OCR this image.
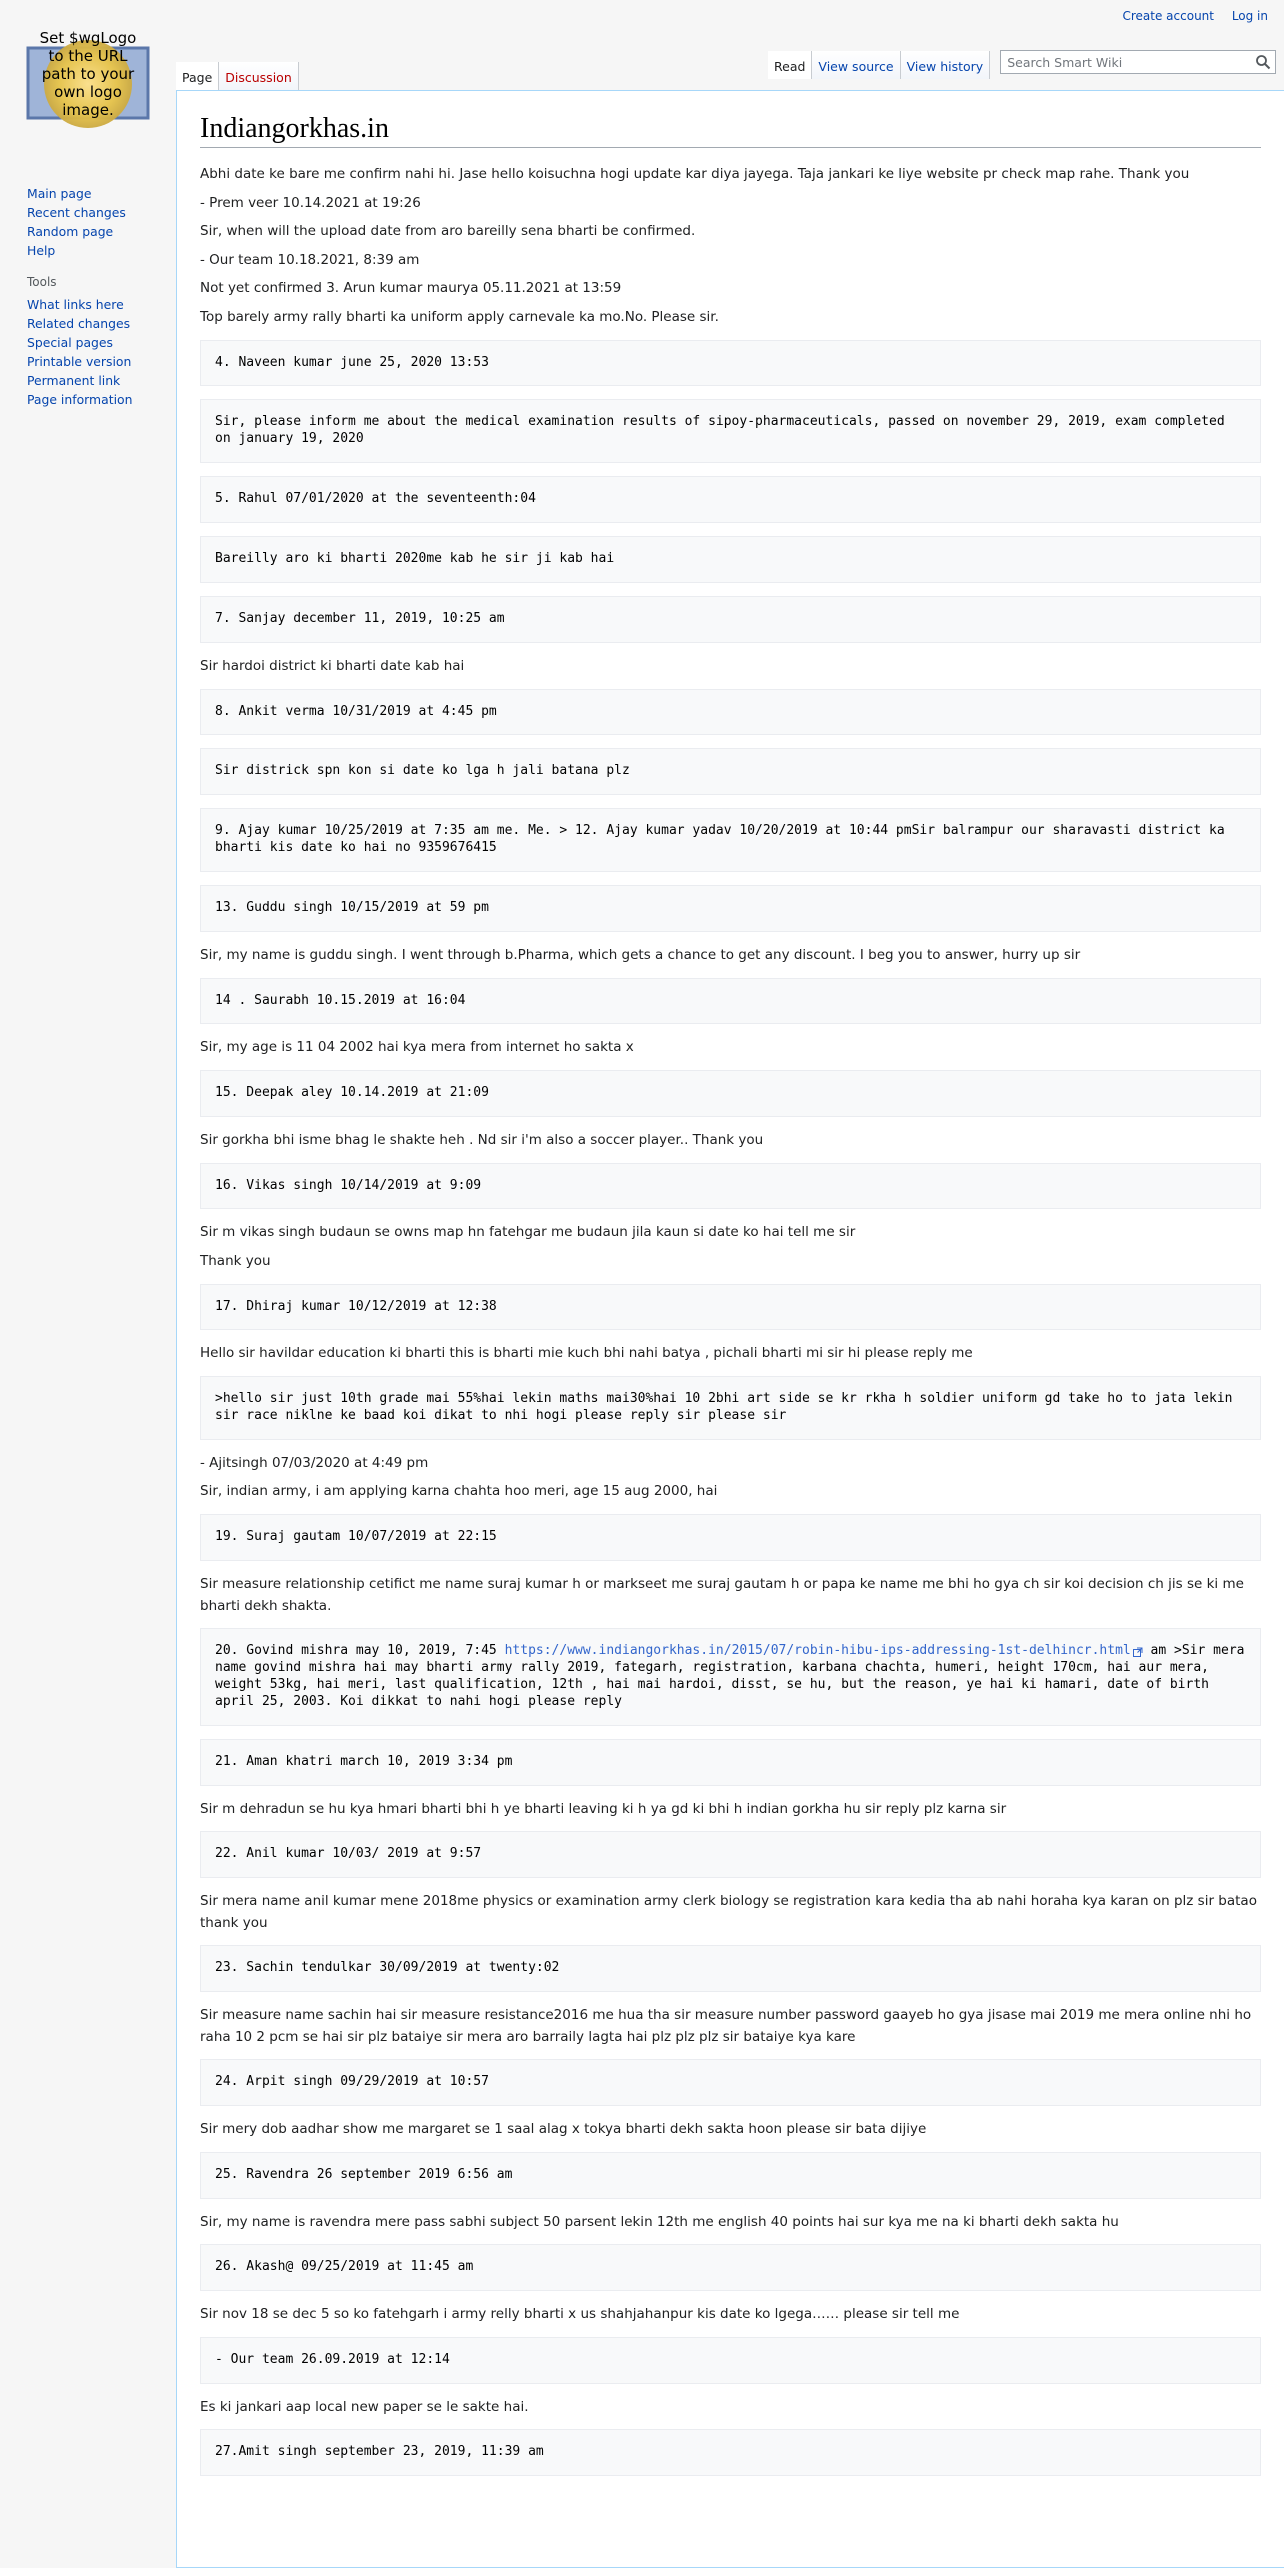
Create account Log in
Set $wgLogo to the URL path to your own logo image.
Main page
Recent changes
Random page
Help
Tools
What links here
Related changes
Special pages
Printable version
Permanent link
Page information
Page Discussion
Read View source View history Search Smart Wiki
Indiangorkhas.in

Abhi date ke bare me confirm nahi hi. Jase hello koisuchna hogi update kar diya jayega. Taja jankari ke liye website pr check map rahe. Thank you

- Prem veer 10.14.2021 at 19:26

Sir, when will the upload date from aro bareilly sena bharti be confirmed.

- Our team 10.18.2021, 8:39 am

Not yet confirmed 3. Arun kumar maurya 05.11.2021 at 13:59

Top barely army rally bharti ka uniform apply carnevale ka mo.No. Please sir.

4. Naveen kumar june 25, 2020 13:53
Sir, please inform me about the medical examination results of sipoy-pharmaceuticals, passed on november 29, 2019, exam completed on january 19, 2020
5. Rahul 07/01/2020 at the seventeenth:04
Bareilly aro ki bharti 2020me kab he sir ji kab hai
7. Sanjay december 11, 2019, 10:25 am

Sir hardoi district ki bharti date kab hai

8. Ankit verma 10/31/2019 at 4:45 pm
Sir districk spn kon si date ko lga h jali batana plz
9. Ajay kumar 10/25/2019 at 7:35 am me. Me. > 12. Ajay kumar yadav 10/20/2019 at 10:44 pmSir balrampur our sharavasti district ka bharti kis date ko hai no 9359676415
13. Guddu singh 10/15/2019 at 59 pm

Sir, my name is guddu singh. I went through b.Pharma, which gets a chance to get any discount. I beg you to answer, hurry up sir

14 . Saurabh 10.15.2019 at 16:04

Sir, my age is 11 04 2002 hai kya mera from internet ho sakta x

15. Deepak aley 10.14.2019 at 21:09

Sir gorkha bhi isme bhag le shakte heh . Nd sir i'm also a soccer player.. Thank you

16. Vikas singh 10/14/2019 at 9:09

Sir m vikas singh budaun se owns map hn fatehgar me budaun jila kaun si date ko hai tell me sir

Thank you

17. Dhiraj kumar 10/12/2019 at 12:38

Hello sir havildar education ki bharti this is bharti mie kuch bhi nahi batya , pichali bharti mi sir hi please reply me

>hello sir just 10th grade mai 55%hai lekin maths mai30%hai 10 2bhi art side se kr rkha h soldier uniform gd take ho to jata lekin sir race niklne ke baad koi dikat to nhi hogi please reply sir please sir

- Ajitsingh 07/03/2020 at 4:49 pm

Sir, indian army, i am applying karna chahta hoo meri, age 15 aug 2000, hai

19. Suraj gautam 10/07/2019 at 22:15

Sir measure relationship cetifict me name suraj kumar h or markseet me suraj gautam h or papa ke name me bhi ho gya ch sir koi decision ch jis se ki me bharti dekh shakta.

20. Govind mishra may 10, 2019, 7:45 https://www.indiangorkhas.in/2015/07/robin-hibu-ips-addressing-1st-delhincr.html am >Sir mera name govind mishra hai may bharti army rally 2019, fategarh, registration, karbana chachta, humeri, height 170cm, hai aur mera, weight 53kg, hai meri, last qualification, 12th , hai mai hardoi, disst, se hu, but the reason, ye hai ki hamari, date of birth april 25, 2003. Koi dikkat to nahi hogi please reply
21. Aman khatri march 10, 2019 3:34 pm

Sir m dehradun se hu kya hmari bharti bhi h ye bharti leaving ki h ya gd ki bhi h indian gorkha hu sir reply plz karna sir

22. Anil kumar 10/03/ 2019 at 9:57

Sir mera name anil kumar mene 2018me physics or examination army clerk biology se registration kara kedia tha ab nahi horaha kya karan on plz sir batao thank you

23. Sachin tendulkar 30/09/2019 at twenty:02

Sir measure name sachin hai sir measure resistance2016 me hua tha sir measure number password gaayeb ho gya jisase mai 2019 me mera online nhi ho raha 10 2 pcm se hai sir plz bataiye sir mera aro barraily lagta hai plz plz plz sir bataiye kya kare

24. Arpit singh 09/29/2019 at 10:57

Sir mery dob aadhar show me margaret se 1 saal alag x tokya bharti dekh sakta hoon please sir bata dijiye

25. Ravendra 26 september 2019 6:56 am

Sir, my name is ravendra mere pass sabhi subject 50 parsent lekin 12th me english 40 points hai sur kya me na ki bharti dekh sakta hu

26. Akash@ 09/25/2019 at 11:45 am

Sir nov 18 se dec 5 so ko fatehgarh i army relly bharti x us shahjahanpur kis date ko lgega…… please sir tell me

- Our team 26.09.2019 at 12:14

Es ki jankari aap local new paper se le sakte hai.

27.Amit singh september 23, 2019, 11:39 am
